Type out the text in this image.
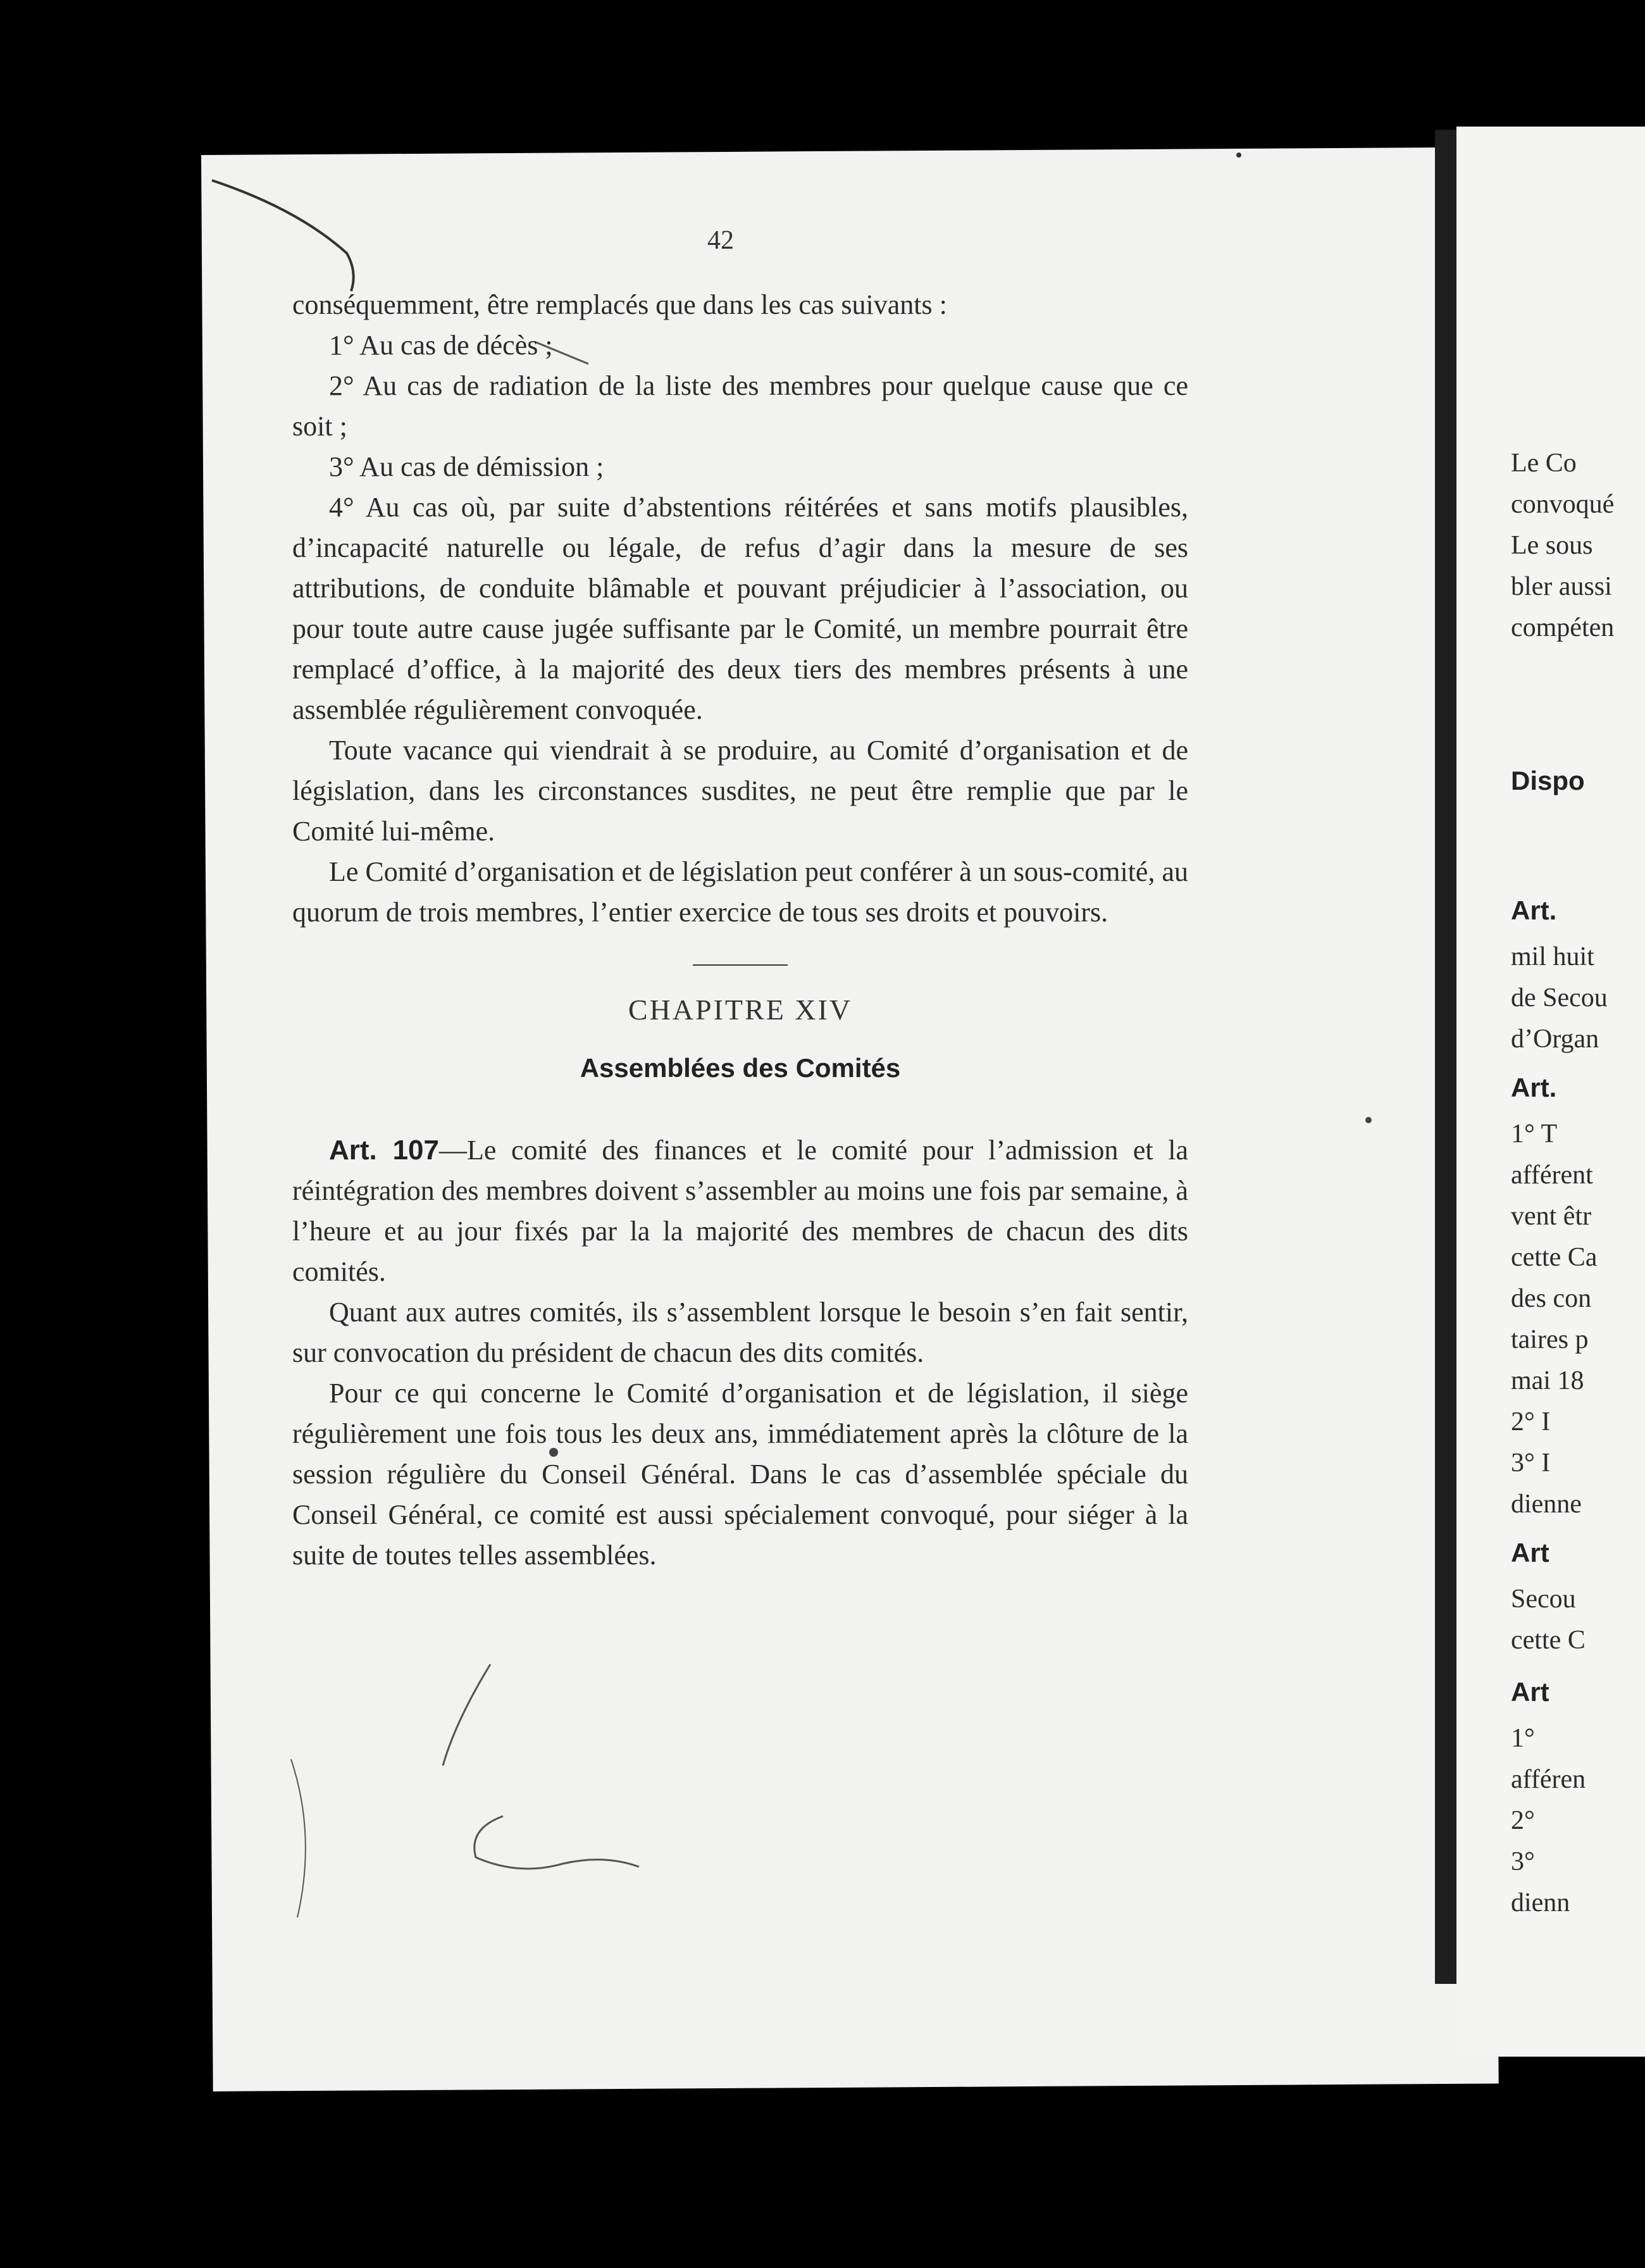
Le Co
convoqué
Le sous
bler aussi
compéten
Dispo
Art.
mil huit
de Secou
d’Organ
Art.
1° T
afférent
vent êtr
cette Ca
des con
taires p
mai 18
2° I
3° I
dienne
Art
Secou
cette C
Art
1°
afféren
2°
3°
dienn
42

conséquemment, être remplacés que dans les cas suivants :

1° Au cas de décès ;

2° Au cas de radiation de la liste des membres pour quelque cause que ce soit ;

3° Au cas de démission ;

4° Au cas où, par suite d’abstentions réitérées et sans motifs plausibles, d’incapacité naturelle ou légale, de refus d’agir dans la mesure de ses attributions, de conduite blâmable et pouvant préjudicier à l’association, ou pour toute autre cause jugée suffisante par le Comité, un membre pourrait être remplacé d’office, à la majorité des deux tiers des membres présents à une assemblée régulièrement convoquée.

Toute vacance qui viendrait à se produire, au Comité d’organisation et de législation, dans les circonstances susdites, ne peut être remplie que par le Comité lui-même.

Le Comité d’organisation et de législation peut conférer à un sous-comité, au quorum de trois membres, l’entier exercice de tous ses droits et pouvoirs.

CHAPITRE XIV
Assemblées des Comités

Art. 107—Le comité des finances et le comité pour l’admission et la réintégration des membres doivent s’assembler au moins une fois par semaine, à l’heure et au jour fixés par la la majorité des membres de chacun des dits comités.

Quant aux autres comités, ils s’assemblent lorsque le besoin s’en fait sentir, sur convocation du président de chacun des dits comités.

Pour ce qui concerne le Comité d’organisation et de législation, il siège régulièrement une fois tous les deux ans, immédiatement après la clôture de la session régulière du Conseil Général. Dans le cas d’assemblée spéciale du Conseil Général, ce comité est aussi spécialement convoqué, pour siéger à la suite de toutes telles assemblées.
